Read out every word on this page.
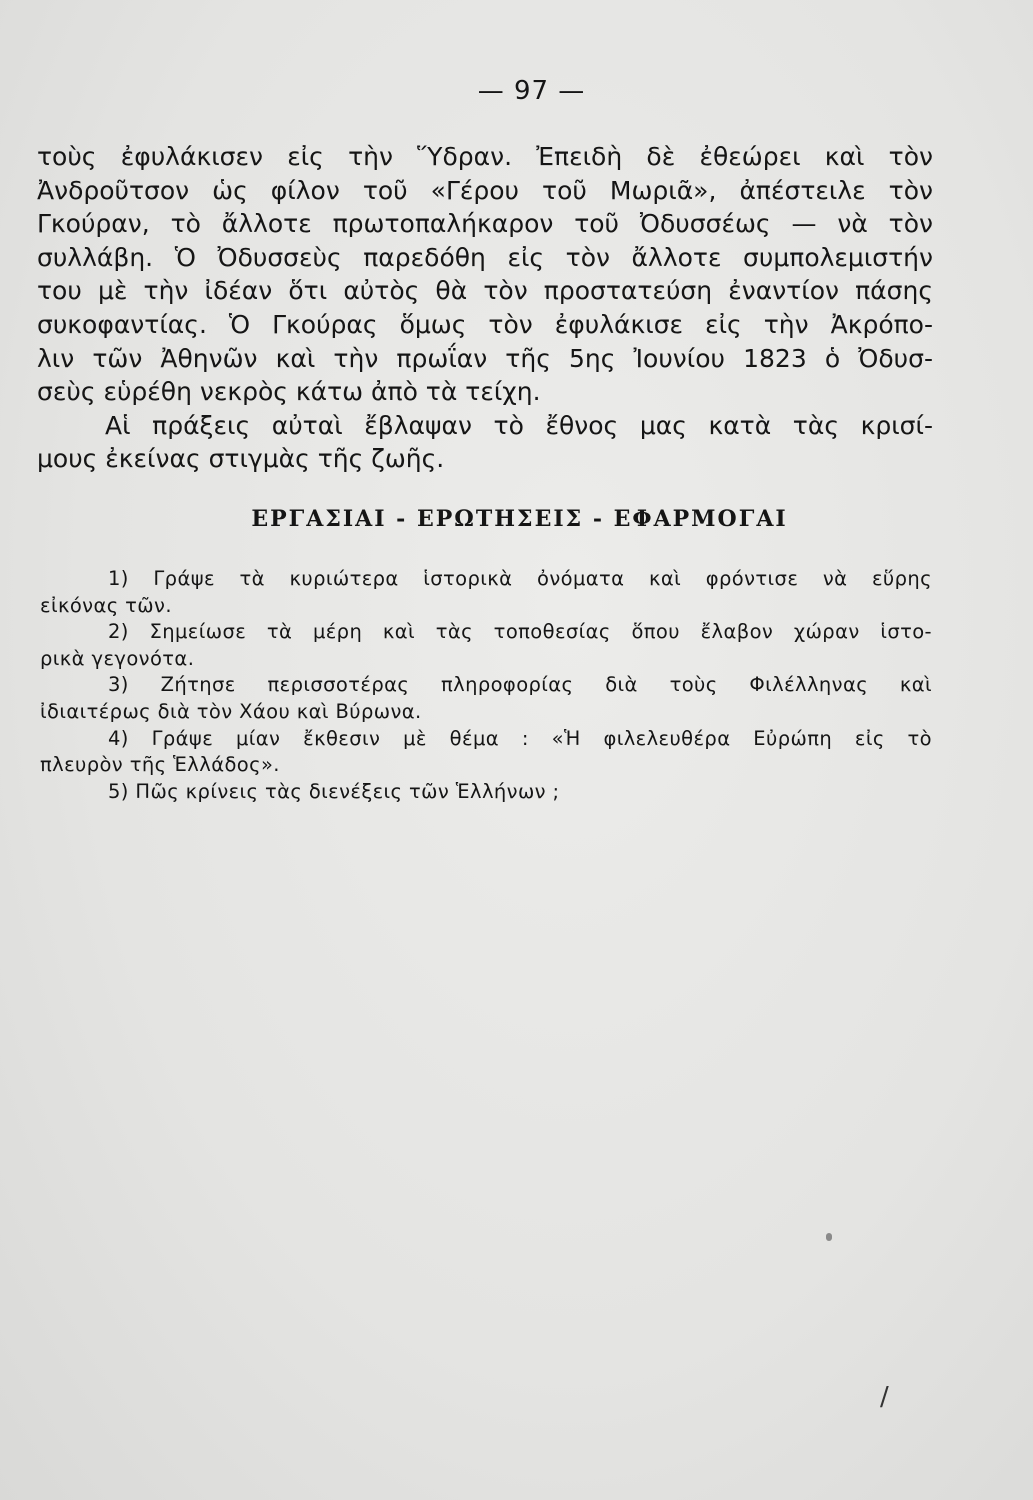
— 97 —
τοὺς ἐφυλάκισεν εἰς τὴν Ὕδραν. Ἐπειδὴ δὲ ἐθεώρει καὶ τὸν
Ἀνδροῦτσον ὡς φίλον τοῦ «Γέρου τοῦ Μωριᾶ», ἀπέστειλε τὸν
Γκούραν, τὸ ἄλλοτε πρωτοπαλήκαρον τοῦ Ὀδυσσέως — νὰ τὸν
συλλάβη. Ὁ Ὀδυσσεὺς παρεδόθη εἰς τὸν ἄλλοτε συμπολεμιστήν
του μὲ τὴν ἰδέαν ὅτι αὐτὸς θὰ τὸν προστατεύση ἐναντίον πάσης
συκοφαντίας. Ὁ Γκούρας ὅμως τὸν ἐφυλάκισε εἰς τὴν Ἀκρόπο-
λιν τῶν Ἀθηνῶν καὶ τὴν πρωΐαν τῆς 5ης Ἰουνίου 1823 ὁ Ὀδυσ-
σεὺς εὑρέθη νεκρὸς κάτω ἀπὸ τὰ τείχη.
Αἱ πράξεις αὐταὶ ἔβλαψαν τὸ ἔθνος μας κατὰ τὰς κρισί-
μους ἐκείνας στιγμὰς τῆς ζωῆς.
ΕΡΓΑΣΙΑΙ - ΕΡΩΤΗΣΕΙΣ - ΕΦΑΡΜΟΓΑΙ
1) Γράψε τὰ κυριώτερα ἱστορικὰ ὀνόματα καὶ φρόντισε νὰ εὕρης
εἰκόνας τῶν.
2) Σημείωσε τὰ μέρη καὶ τὰς τοποθεσίας ὅπου ἔλαβον χώραν ἱστο-
ρικὰ γεγονότα.
3) Ζήτησε περισσοτέρας πληροφορίας διὰ τοὺς Φιλέλληνας καὶ
ἰδιαιτέρως διὰ τὸν Χάου καὶ Βύρωνα.
4) Γράψε μίαν ἔκθεσιν μὲ θέμα : «Ἡ φιλελευθέρα Εὐρώπη εἰς τὸ
πλευρὸν τῆς Ἑλλάδος».
5) Πῶς κρίνεις τὰς διενέξεις τῶν Ἑλλήνων ;
/
